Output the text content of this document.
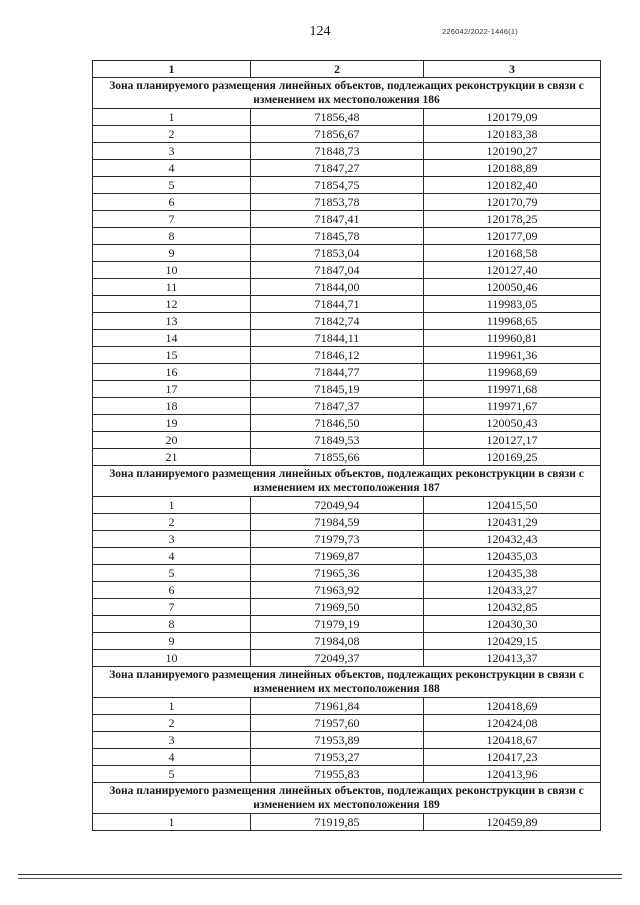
124	226042/2022-1446(1)
1	2	3
Зона планируемого размещения линейных объектов, подлежащих реконструкции в связи с изменением их местоположения 186		
1	71856,48	120179,09
2	71856,67	120183,38
3	71848,73	120190,27
4	71847,27	120188,89
5	71854,75	120182,40
6	71853,78	120170,79
7	71847,41	120178,25
8	71845,78	120177,09
9	71853,04	120168,58
10	71847,04	120127,40
11	71844,00	120050,46
12	71844,71	119983,05
13	71842,74	119968,65
14	71844,11	119960,81
15	71846,12	119961,36
16	71844,77	119968,69
17	71845,19	119971,68
18	71847,37	119971,67
19	71846,50	120050,43
20	71849,53	120127,17
21	71855,66	120169,25
Зона планируемого размещения линейных объектов, подлежащих реконструкции в связи с изменением их местоположения 187		
1	72049,94	120415,50
2	71984,59	120431,29
3	71979,73	120432,43
4	71969,87	120435,03
5	71965,36	120435,38
6	71963,92	120433,27
7	71969,50	120432,85
8	71979,19	120430,30
9	71984,08	120429,15
10	72049,37	120413,37
Зона планируемого размещения линейных объектов, подлежащих реконструкции в связи с изменением их местоположения 188		
1	71961,84	120418,69
2	71957,60	120424,08
3	71953,89	120418,67
4	71953,27	120417,23
5	71955,83	120413,96
Зона планируемого размещения линейных объектов, подлежащих реконструкции в связи с изменением их местоположения 189		
1	71919,85	120459,89
